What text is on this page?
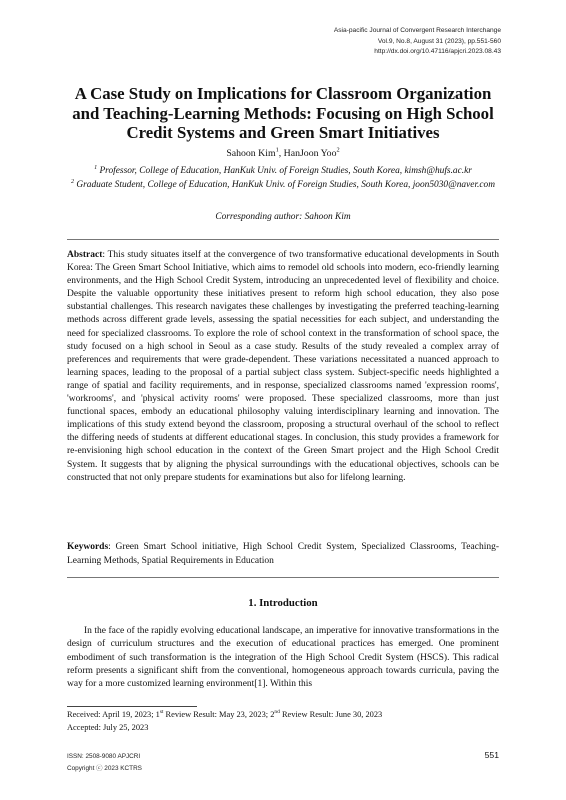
Asia-pacific Journal of Convergent Research Interchange
Vol.9, No.8, August 31 (2023), pp.551-560
http://dx.doi.org/10.47116/apjcri.2023.08.43
A Case Study on Implications for Classroom Organization
and Teaching-Learning Methods: Focusing on High School
Credit Systems and Green Smart Initiatives
Sahoon Kim$^1$, HanJoon Yoo$^2$
$^1$ Professor, College of Education, HanKuk Univ. of Foreign Studies, South Korea, kimsh@hufs.ac.kr
$^2$ Graduate Student, College of Education, HanKuk Univ. of Foreign Studies, South Korea, joon5030@naver.com
Corresponding author: Sahoon Kim

Abstract: This study situates itself at the convergence of two transformative educational developments in South Korea: The Green Smart School Initiative, which aims to remodel old schools into modern, eco-friendly learning environments, and the High School Credit System, introducing an unprecedented level of flexibility and choice. Despite the valuable opportunity these initiatives present to reform high school education, they also pose substantial challenges. This research navigates these challenges by investigating the preferred teaching-learning methods across different grade levels, assessing the spatial necessities for each subject, and understanding the need for specialized classrooms. To explore the role of school context in the transformation of school space, the study focused on a high school in Seoul as a case study. Results of the study revealed a complex array of preferences and requirements that were grade-dependent. These variations necessitated a nuanced approach to learning spaces, leading to the proposal of a partial subject class system. Subject-specific needs highlighted a range of spatial and facility requirements, and in response, specialized classrooms named 'expression rooms', 'workrooms', and 'physical activity rooms' were proposed. These specialized classrooms, more than just functional spaces, embody an educational philosophy valuing interdisciplinary learning and innovation. The implications of this study extend beyond the classroom, proposing a structural overhaul of the school to reflect the differing needs of students at different educational stages. In conclusion, this study provides a framework for re-envisioning high school education in the context of the Green Smart project and the High School Credit System. It suggests that by aligning the physical surroundings with the educational objectives, schools can be constructed that not only prepare students for examinations but also for lifelong learning.

Keywords: Green Smart School initiative, High School Credit System, Specialized Classrooms, Teaching-Learning Methods, Spatial Requirements in Education

1. Introduction

In the face of the rapidly evolving educational landscape, an imperative for innovative transformations in the design of curriculum structures and the execution of educational practices has emerged. One prominent embodiment of such transformation is the integration of the High School Credit System (HSCS). This radical reform presents a significant shift from the conventional, homogeneous approach towards curricula, paving the way for a more customized learning environment[1]. Within this

Received: April 19, 2023; 1st Review Result: May 23, 2023; 2nd Review Result: June 30, 2023
Accepted: July 25, 2023
ISSN: 2508-9080 APJCRI
Copyright ⓒ 2023 KCTRS
551
